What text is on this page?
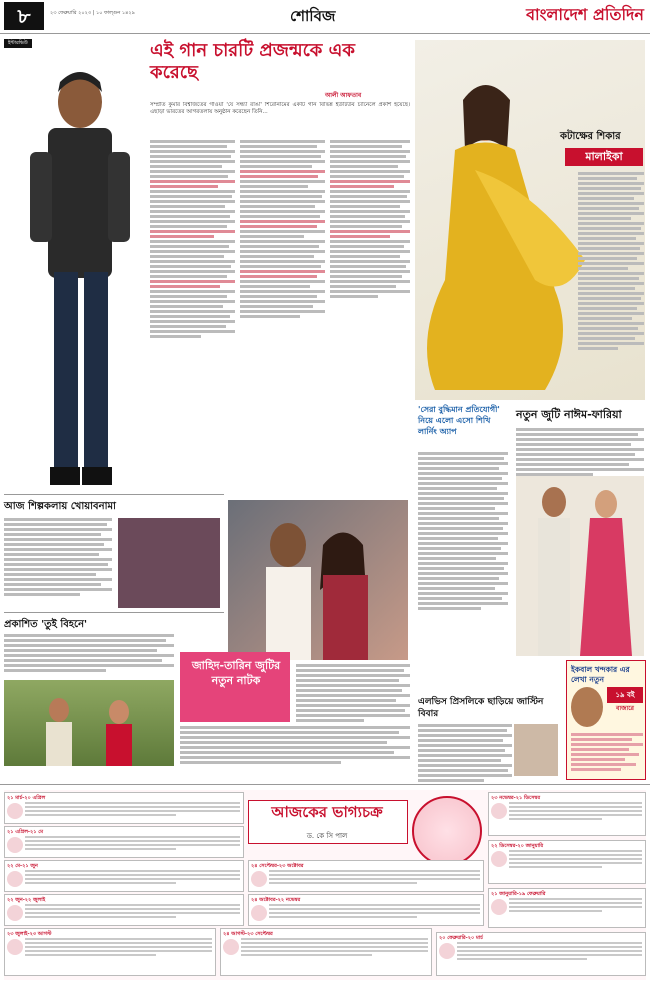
৮	২৩ ফেব্রুয়ারি ২০২৩ | ১০ ফাল্গুন ১৪২৯	শোবিজ	বাংলাদেশ প্রতিদিন
ইন্টারভিউ	এই গান চারটি প্রজন্মকে এক করেছে
আলী আফতাব
সম্প্রতি কুমার বিশ্বজিতের গাওয়া 'যে সন্ধ্যা রাঙা' শিরোনামের একটি গান বিভিন্ন ইউটিউব চ্যানেলে প্রকাশ হয়েছে। এছাড়া ভারতের আগরতলায় অনুষ্ঠান করেছেন তিনি...
কটাক্ষের শিকার
মালাইকা
আজ শিল্পকলায় খোয়াবনামা
জাহিদ-তারিন জুটির নতুন নাটক
প্রকাশিত 'তুই বিহনে'
'সেরা বুদ্ধিমান প্রতিযোগী' নিয়ে এলো এসো শিখি লার্নিং অ্যাপ
নতুন জুটি নাঈম-ফারিয়া
এলভিস প্রিসলিকে ছাড়িয়ে জাস্টিন বিবার
ইকবাল খন্দকার এর লেখা নতুন
১৯ বই
বাজারে
আজকের ভাগ্যচক্র
ড. কে সি পাল
২১ মার্চ-২০ এপ্রিল
২১ এপ্রিল-২১ মে
২২ মে-২১ জুন
২২ জুন-২২ জুলাই
২৩ জুলাই-২৩ আগস্ট	২৪ আগস্ট-২৩ সেপ্টেম্বর
২৪ সেপ্টেম্বর-২৩ অক্টোবর
২৪ অক্টোবর-২২ নভেম্বর
২৩ নভেম্বর-২১ ডিসেম্বর
২২ ডিসেম্বর-২০ জানুয়ারি
২১ জানুয়ারি-১৯ ফেব্রুয়ারি
২০ ফেব্রুয়ারি-২০ মার্চ
